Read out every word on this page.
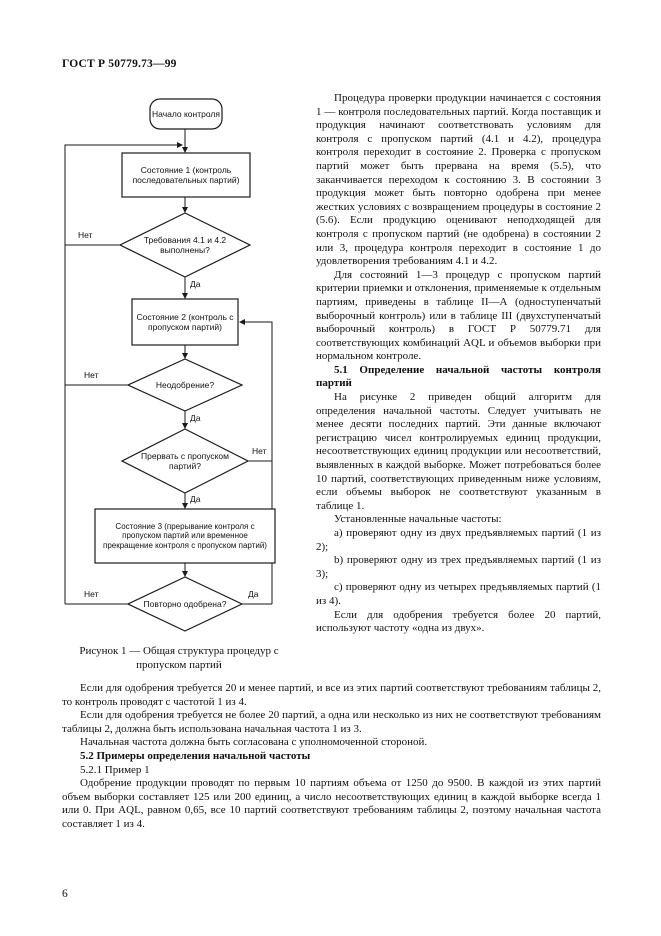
ГОСТ Р 50779.73—99
Начало контроля
Состояние 1 (контроль последовательных партий)
Требования 4.1 и 4.2 выполнены?
Состояние 2 (контроль с пропуском партий)
Неодобрение?
Прервать с пропуском партий?
Состояние 3 (прерывание контроля с пропуском партий или временное прекращение контроля с пропуском партий)
Повторно одобрена?
Нет
Да
Нет
Да
Нет
Да
Нет	Да
Рисунок 1 — Общая структура процедур с пропуском партий

Процедура проверки продукции начинается с состояния 1 — контроля последовательных партий. Когда поставщик и продукция начинают соответствовать условиям для контроля с пропуском партий (4.1 и 4.2), процедура контроля переходит в состояние 2. Проверка с пропуском партий может быть прервана на время (5.5), что заканчивается переходом к состоянию 3. В состоянии 3 продукция может быть повторно одобрена при менее жестких условиях с возвращением процедуры в состояние 2 (5.6). Если продукцию оценивают неподходящей для контроля с пропуском партий (не одобрена) в состоянии 2 или 3, процедура контроля переходит в состояние 1 до удовлетворения требованиям 4.1 и 4.2.

Для состояний 1—3 процедур с пропуском партий критерии приемки и отклонения, применяемые к отдельным партиям, приведены в таблице II—А (одноступенчатый выборочный контроль) или в таблице III (двухступенчатый выборочный контроль) в ГОСТ Р 50779.71 для соответствующих комбинаций AQL и объемов выборки при нормальном контроле.

5.1 Определение начальной частоты контроля партий

На рисунке 2 приведен общий алгоритм для определения начальной частоты. Следует учитывать не менее десяти последних партий. Эти данные включают регистрацию чисел контролируемых единиц продукции, несоответствующих единиц продукции или несоответствий, выявленных в каждой выборке. Может потребоваться более 10 партий, соответствующих приведенным ниже условиям, если объемы выборок не соответствуют указанным в таблице 1.

Установленные начальные частоты:

а) проверяют одну из двух предъявляемых партий (1 из 2);

b) проверяют одну из трех предъявляемых партий (1 из 3);

с) проверяют одну из четырех предъявляемых партий (1 из 4).

Если для одобрения требуется более 20 партий, используют частоту «одна из двух».

Если для одобрения требуется 20 и менее партий, и все из этих партий соответствуют требованиям таблицы 2, то контроль проводят с частотой 1 из 4.

Если для одобрения требуется не более 20 партий, а одна или несколько из них не соответствуют требованиям таблицы 2, должна быть использована начальная частота 1 из 3.

Начальная частота должна быть согласована с уполномоченной стороной.

5.2 Примеры определения начальной частоты

5.2.1 Пример 1

Одобрение продукции проводят по первым 10 партиям объема от 1250 до 9500. В каждой из этих партий объем выборки составляет 125 или 200 единиц, а число несоответствующих единиц в каждой выборке всегда 1 или 0. При AQL, равном 0,65, все 10 партий соответствуют требованиям таблицы 2, поэтому начальная частота составляет 1 из 4.

6
